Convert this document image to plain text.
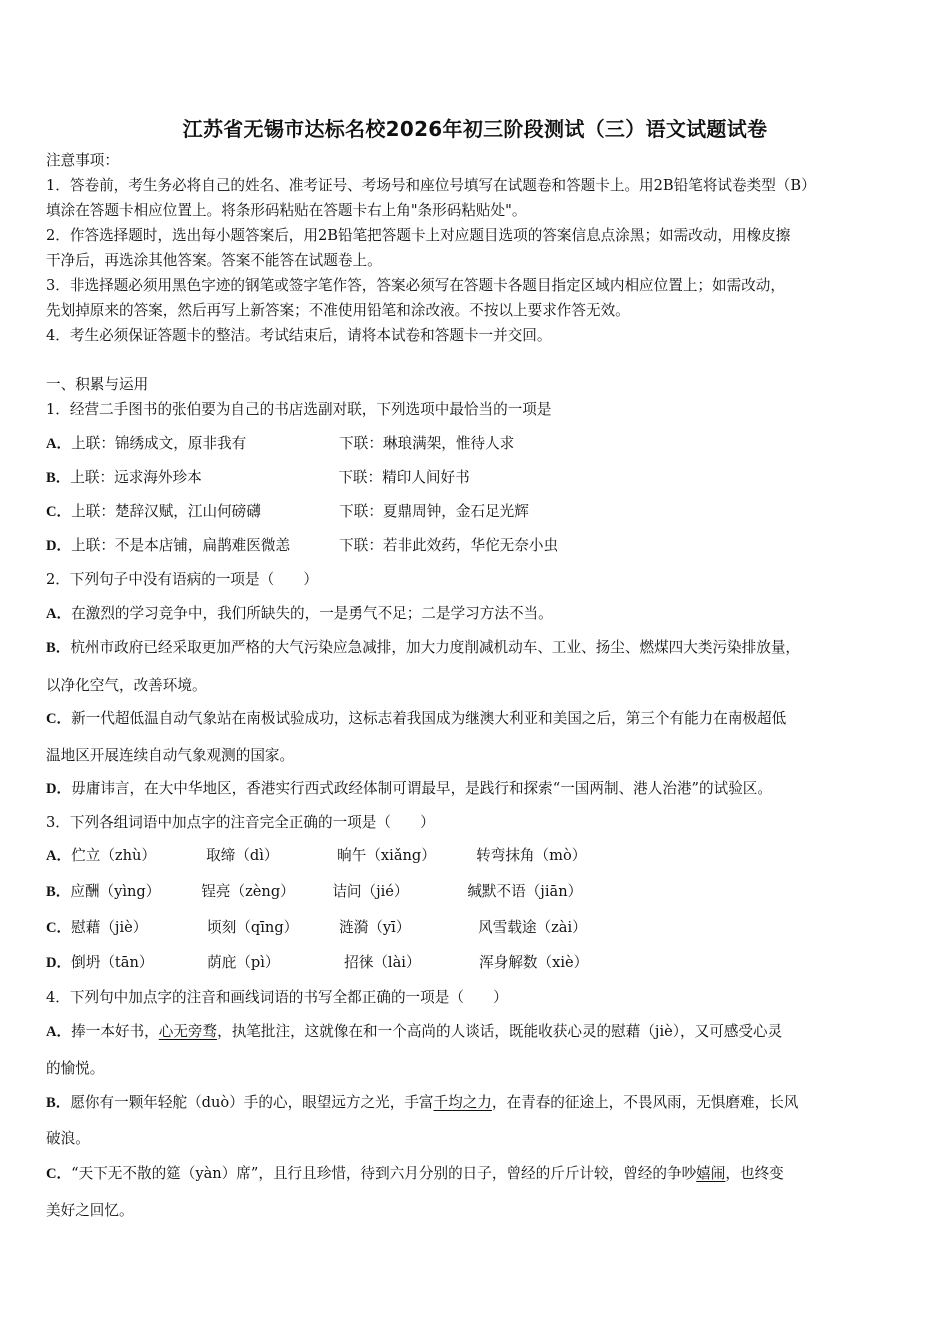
江苏省无锡市达标名校2026年初三阶段测试（三）语文试题试卷
注意事项：
1．答卷前，考生务必将自己的姓名、准考证号、考场号和座位号填写在试题卷和答题卡上。用2B铅笔将试卷类型（B）
填涂在答题卡相应位置上。将条形码粘贴在答题卡右上角"条形码粘贴处"。
2．作答选择题时，选出每小题答案后，用2B铅笔把答题卡上对应题目选项的答案信息点涂黑；如需改动，用橡皮擦
干净后，再选涂其他答案。答案不能答在试题卷上。
3．非选择题必须用黑色字迹的钢笔或签字笔作答，答案必须写在答题卡各题目指定区域内相应位置上；如需改动，
先划掉原来的答案，然后再写上新答案；不准使用铅笔和涂改液。不按以上要求作答无效。
4．考生必须保证答题卡的整洁。考试结束后，请将本试卷和答题卡一并交回。
一、积累与运用
1．经营二手图书的张伯要为自己的书店选副对联，下列选项中最恰当的一项是
A．上联：锦绣成文，原非我有	下联：琳琅满架，惟待人求
B．上联：远求海外珍本	下联：精印人间好书
C．上联：楚辞汉赋，江山何磅礴	下联：夏鼎周钟，金石足光辉
D．上联：不是本店铺，扁鹊难医微恙	下联：若非此效药，华佗无奈小虫
2．下列句子中没有语病的一项是（　　）
A．在激烈的学习竞争中，我们所缺失的，一是勇气不足；二是学习方法不当。
B．杭州市政府已经采取更加严格的大气污染应急减排，加大力度削减机动车、工业、扬尘、燃煤四大类污染排放量，
以净化空气，改善环境。
C．新一代超低温自动气象站在南极试验成功，这标志着我国成为继澳大利亚和美国之后，第三个有能力在南极超低
温地区开展连续自动气象观测的国家。
D．毋庸讳言，在大中华地区，香港实行西式政经体制可谓最早，是践行和探索“一国两制、港人治港”的试验区。
3．下列各组词语中加点字的注音完全正确的一项是（　　）
A．伫立（zhù）	取缔（dì）	晌午（xiǎng）	转弯抹角（mò）
B．应酬（yìng）	锃亮（zèng）	诘问（jié）	缄默不语（jiān）
C．慰藉（jiè）	顷刻（qīng）	涟漪（yī）	风雪载途（zài）
D．倒坍（tān）	荫庇（pì）	招徕（lài）	浑身解数（xiè）
4．下列句中加点字的注音和画线词语的书写全都正确的一项是（　　）
A．捧一本好书，心无旁骛，执笔批注，这就像在和一个高尚的人谈话，既能收获心灵的慰藉（jiè），又可感受心灵
的愉悦。
B．愿你有一颗年轻舵（duò）手的心，眼望远方之光，手富千均之力，在青春的征途上，不畏风雨，无惧磨难，长风
破浪。
C．“天下无不散的筵（yàn）席”，且行且珍惜，待到六月分别的日子，曾经的斤斤计较，曾经的争吵嬉闹，也终变
美好之回忆。
